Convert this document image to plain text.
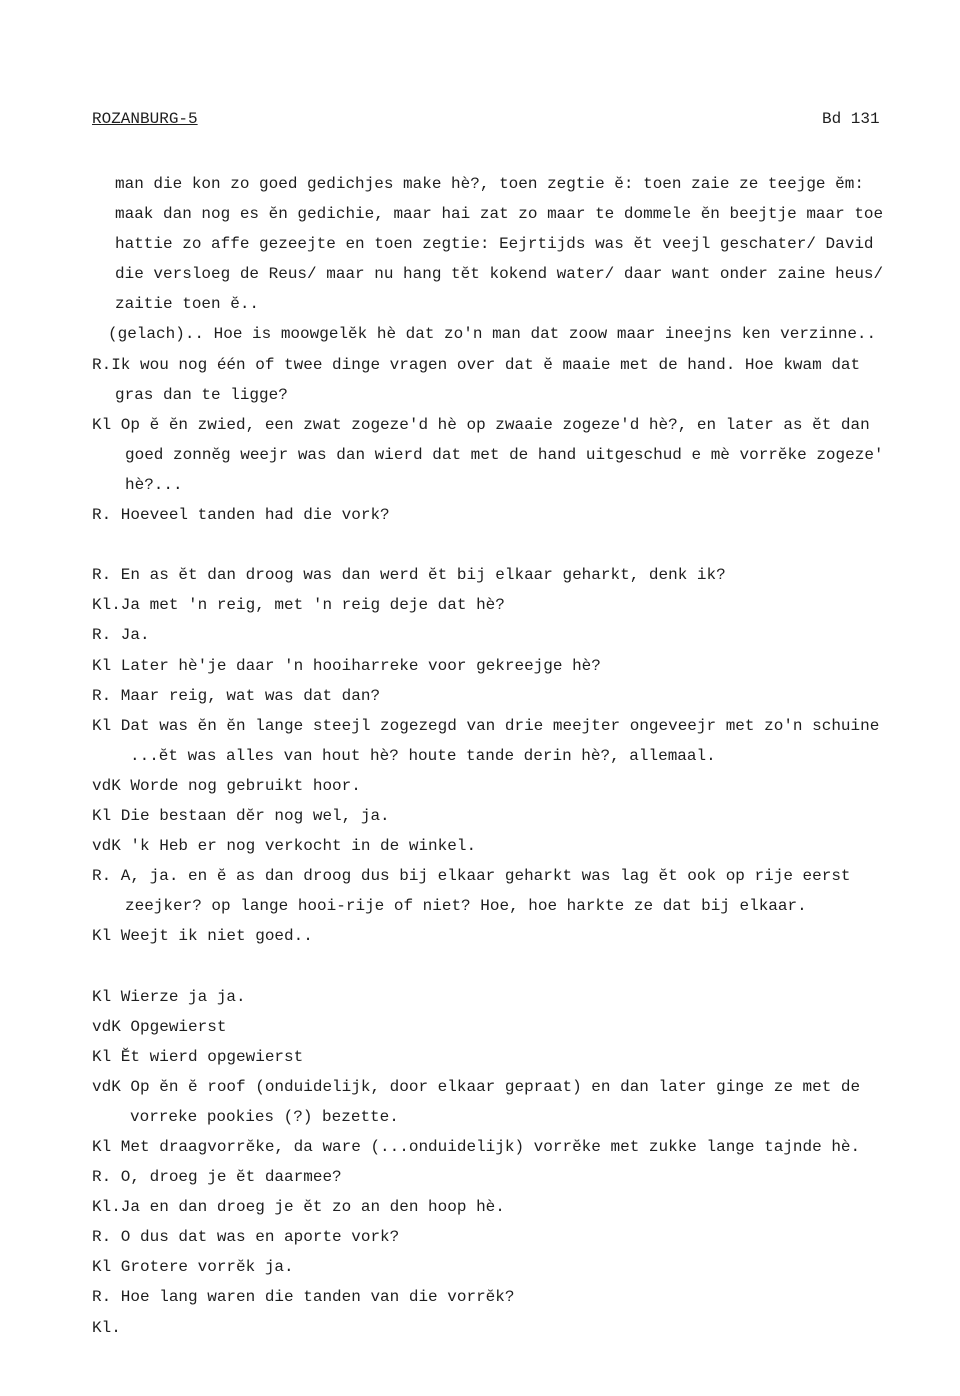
ROZANBURG-5	Bd 131
man die kon zo goed gedichjes make hè?, toen zegtie ĕ: toen zaie ze teejge ĕm:
maak dan nog es ĕn gedichie, maar hai zat zo maar te dommele ĕn beejtje maar toe
hattie zo affe gezeejte en toen zegtie: Eejrtijds was ĕt veejl geschater/ David
die versloeg de Reus/ maar nu hang tĕt kokend water/ daar want onder zaine heus/
zaitie toen ĕ..
(gelach).. Hoe is moowgelĕk hè dat zo'n man dat zoow maar ineejns ken verzinne..
R.Ik wou nog één of twee dinge vragen over dat ĕ maaie met de hand. Hoe kwam dat
gras dan te ligge?
Kl Op ĕ ĕn zwied, een zwat zogeze'd hè op zwaaie zogeze'd hè?, en later as ĕt dan
goed zonnĕg weejr was dan wierd dat met de hand uitgeschud e mè vorrĕke zogeze'
hè?...
R. Hoeveel tanden had die vork?

R. En as ĕt dan droog was dan werd ĕt bij elkaar geharkt, denk ik?
Kl.Ja met 'n reig, met 'n reig deje dat hè?
R. Ja.
Kl Later hè'je daar 'n hooiharreke voor gekreejge hè?
R. Maar reig, wat was dat dan?
Kl Dat was ĕn ĕn lange steejl zogezegd van drie meejter ongeveejr met zo'n schuine
...ĕt was alles van hout hè? houte tande derin hè?, allemaal.
vdK Worde nog gebruikt hoor.
Kl Die bestaan dĕr nog wel, ja.
vdK 'k Heb er nog verkocht in de winkel.
R. A, ja. en ĕ as dan droog dus bij elkaar geharkt was lag ĕt ook op rije eerst
zeejker? op lange hooi-rije of niet? Hoe, hoe harkte ze dat bij elkaar.
Kl Weejt ik niet goed..

Kl Wierze ja ja.
vdK Opgewierst
Kl Ĕt wierd opgewierst
vdK Op ĕn ĕ roof (onduidelijk, door elkaar gepraat) en dan later ginge ze met de
vorreke pookies (?) bezette.
Kl Met draagvorrĕke, da ware (...onduidelijk) vorrĕke met zukke lange tajnde hè.
R. O, droeg je ĕt daarmee?
Kl.Ja en dan droeg je ĕt zo an den hoop hè.
R. O dus dat was en aporte vork?
Kl Grotere vorrĕk ja.
R. Hoe lang waren die tanden van die vorrĕk?
Kl.
